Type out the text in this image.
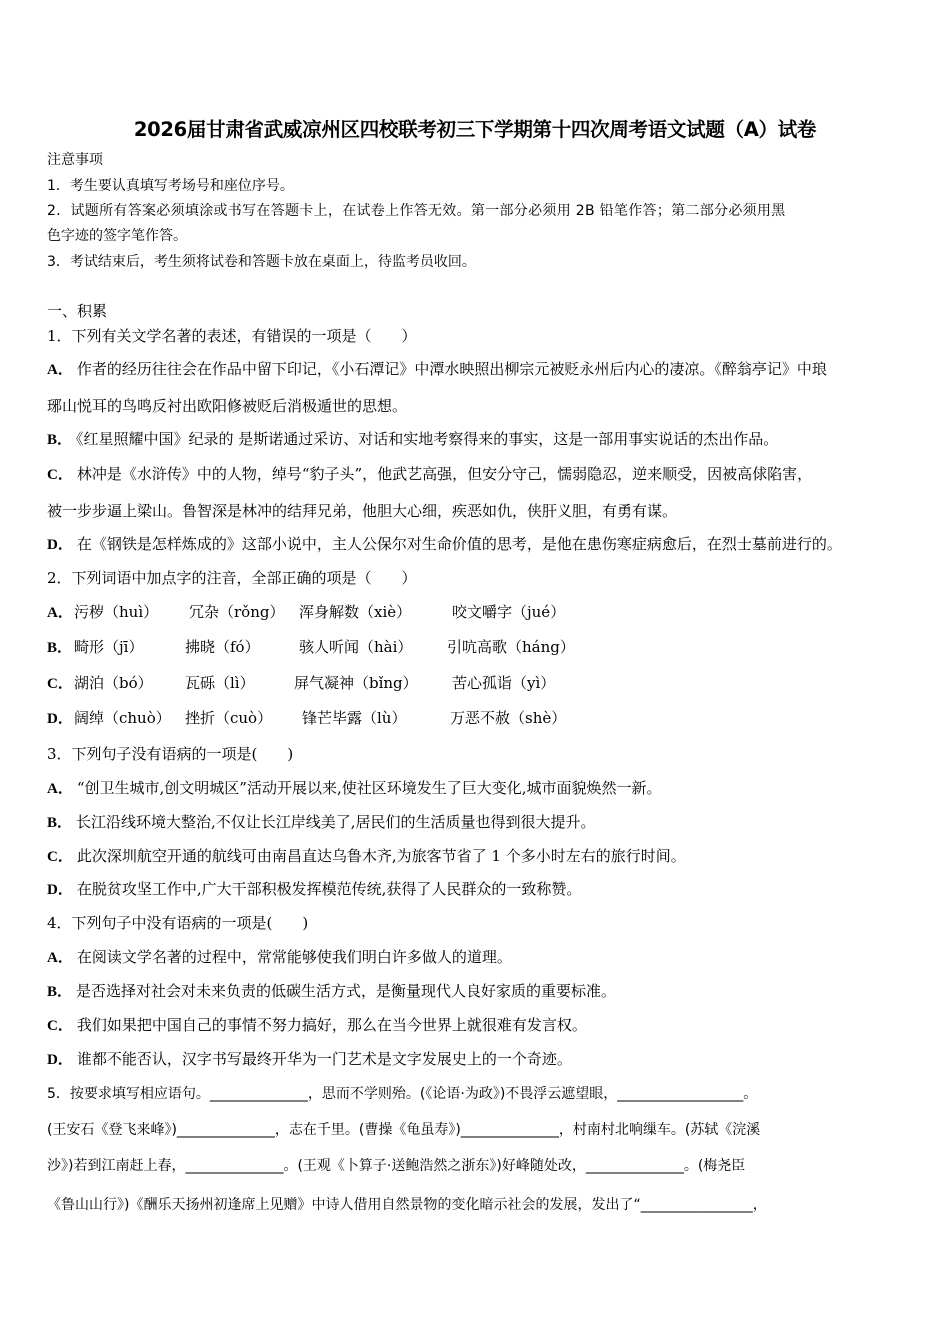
2026届甘肃省武威凉州区四校联考初三下学期第十四次周考语文试题（A）试卷
注意事项
1．考生要认真填写考场号和座位序号。
2．试题所有答案必须填涂或书写在答题卡上，在试卷上作答无效。第一部分必须用 2B 铅笔作答；第二部分必须用黑
色字迹的签字笔作答。
3．考试结束后，考生须将试卷和答题卡放在桌面上，待监考员收回。
一、积累
1．下列有关文学名著的表述，有错误的一项是（　　）
A． 作者的经历往往会在作品中留下印记，《小石潭记》中潭水映照出柳宗元被贬永州后内心的凄凉。《醉翁亭记》中琅
琊山悦耳的鸟鸣反衬出欧阳修被贬后消极遁世的思想。
B． 《红星照耀中国》纪录的 是斯诺通过采访、对话和实地考察得来的事实，这是一部用事实说话的杰出作品。
C． 林冲是《水浒传》中的人物，绰号“豹子头”，他武艺高强，但安分守己，懦弱隐忍，逆来顺受，因被高俅陷害，
被一步步逼上梁山。鲁智深是林冲的结拜兄弟，他胆大心细，疾恶如仇，侠肝义胆，有勇有谋。
D． 在《钢铁是怎样炼成的》这部小说中，主人公保尔对生命价值的思考，是他在患伤寒症病愈后，在烈士墓前进行的。
2．下列词语中加点字的注音，全部正确的项是（　　）
A． 污秽（huì） 冗杂（rǒng） 浑身解数（xiè）	咬文嚼字（jué）
B． 畸形（jī）	拂晓（fó）	骇人听闻（hài） 引吭高歌（háng）
C． 湖泊（bó） 瓦砾（lì）	屏气凝神（bǐng） 苦心孤诣（yì）
D． 阔绰（chuò） 挫折（cuò） 锋芒毕露（lù）	万恶不赦（shè）
3．下列句子没有语病的一项是(　　)
A． “创卫生城市,创文明城区”活动开展以来,使社区环境发生了巨大变化,城市面貌焕然一新。
B． 长江沿线环境大整治,不仅让长江岸线美了,居民们的生活质量也得到很大提升。
C． 此次深圳航空开通的航线可由南昌直达乌鲁木齐,为旅客节省了 1 个多小时左右的旅行时间。
D． 在脱贫攻坚工作中,广大干部积极发挥模范传统,获得了人民群众的一致称赞。
4．下列句子中没有语病的一项是(　　)
A． 在阅读文学名著的过程中，常常能够使我们明白许多做人的道理。
B． 是否选择对社会对未来负责的低碳生活方式，是衡量现代人良好家质的重要标准。
C． 我们如果把中国自己的事情不努力搞好，那么在当今世界上就很难有发言权。
D． 谁都不能否认，汉字书写最终开华为一门艺术是文字发展史上的一个奇迹。
5．按要求填写相应语句。______________，思而不学则殆。(《论语·为政》)不畏浮云遮望眼，__________________。
(王安石《登飞来峰》)______________，志在千里。(曹操《龟虽寿》)______________，村南村北响缫车。(苏轼《浣溪
沙》)若到江南赶上春，______________。(王观《卜算子·送鲍浩然之浙东》)好峰随处改，______________。(梅尧臣
《鲁山山行》)《酬乐天扬州初逢席上见赠》中诗人借用自然景物的变化暗示社会的发展，发出了“________________，
